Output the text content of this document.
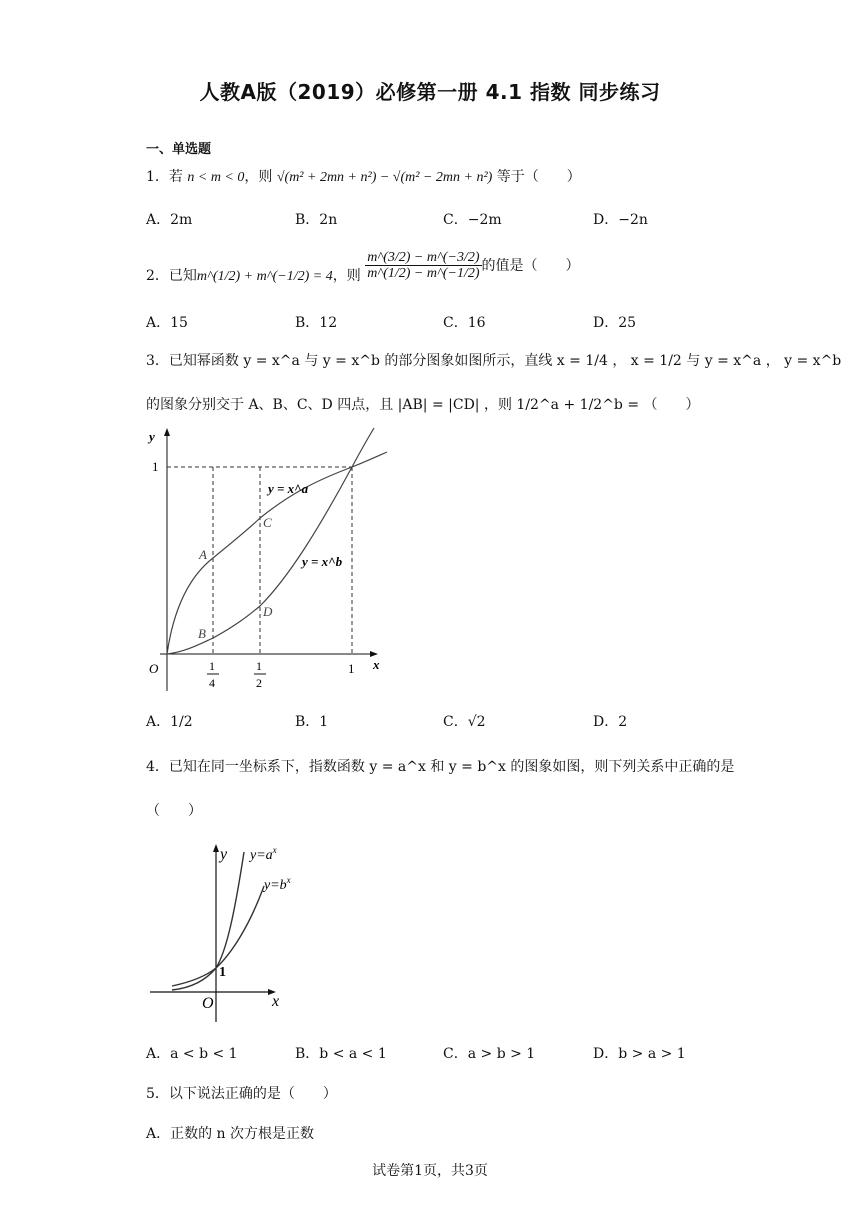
人教A版（2019）必修第一册 4.1 指数 同步练习
一、单选题
1．若 n < m < 0，则 √(m² + 2mn + n²) − √(m² − 2mn + n²) 等于（　　）
A．2m	B．2n	C．−2m	D．−2n
2．已知m^(1/2) + m^(−1/2) = 4，则 $\frac{m\^{}(3/2) - m\^{}(-3/2)}{m\^{}(1/2) - m\^{}(-1/2)}$ 的值是（　　）
A．15	B．12	C．16	D．25
3．已知幂函数 y = x^a 与 y = x^b 的部分图象如图所示，直线 x = 1/4 ， x = 1/2 与 y = x^a ， y = x^b
的图象分别交于 A、B、C、D 四点，且 |AB| = |CD| ，则 1/2^a + 1/2^b = （　　）
y
x
O
1
1
1
4
1
2
y = x^a
y = x^b
A
B
C
D
A．1/2	B．1	C．√2	D．2
4．已知在同一坐标系下，指数函数 y = a^x 和 y = b^x 的图象如图，则下列关系中正确的是
（　　）
y
x
O
1
$y=a^x$
$y=b^x$
A．a < b < 1	B．b < a < 1	C．a > b > 1	D．b > a > 1
5．以下说法正确的是（　　）
A．正数的 n 次方根是正数
试卷第1页，共3页
